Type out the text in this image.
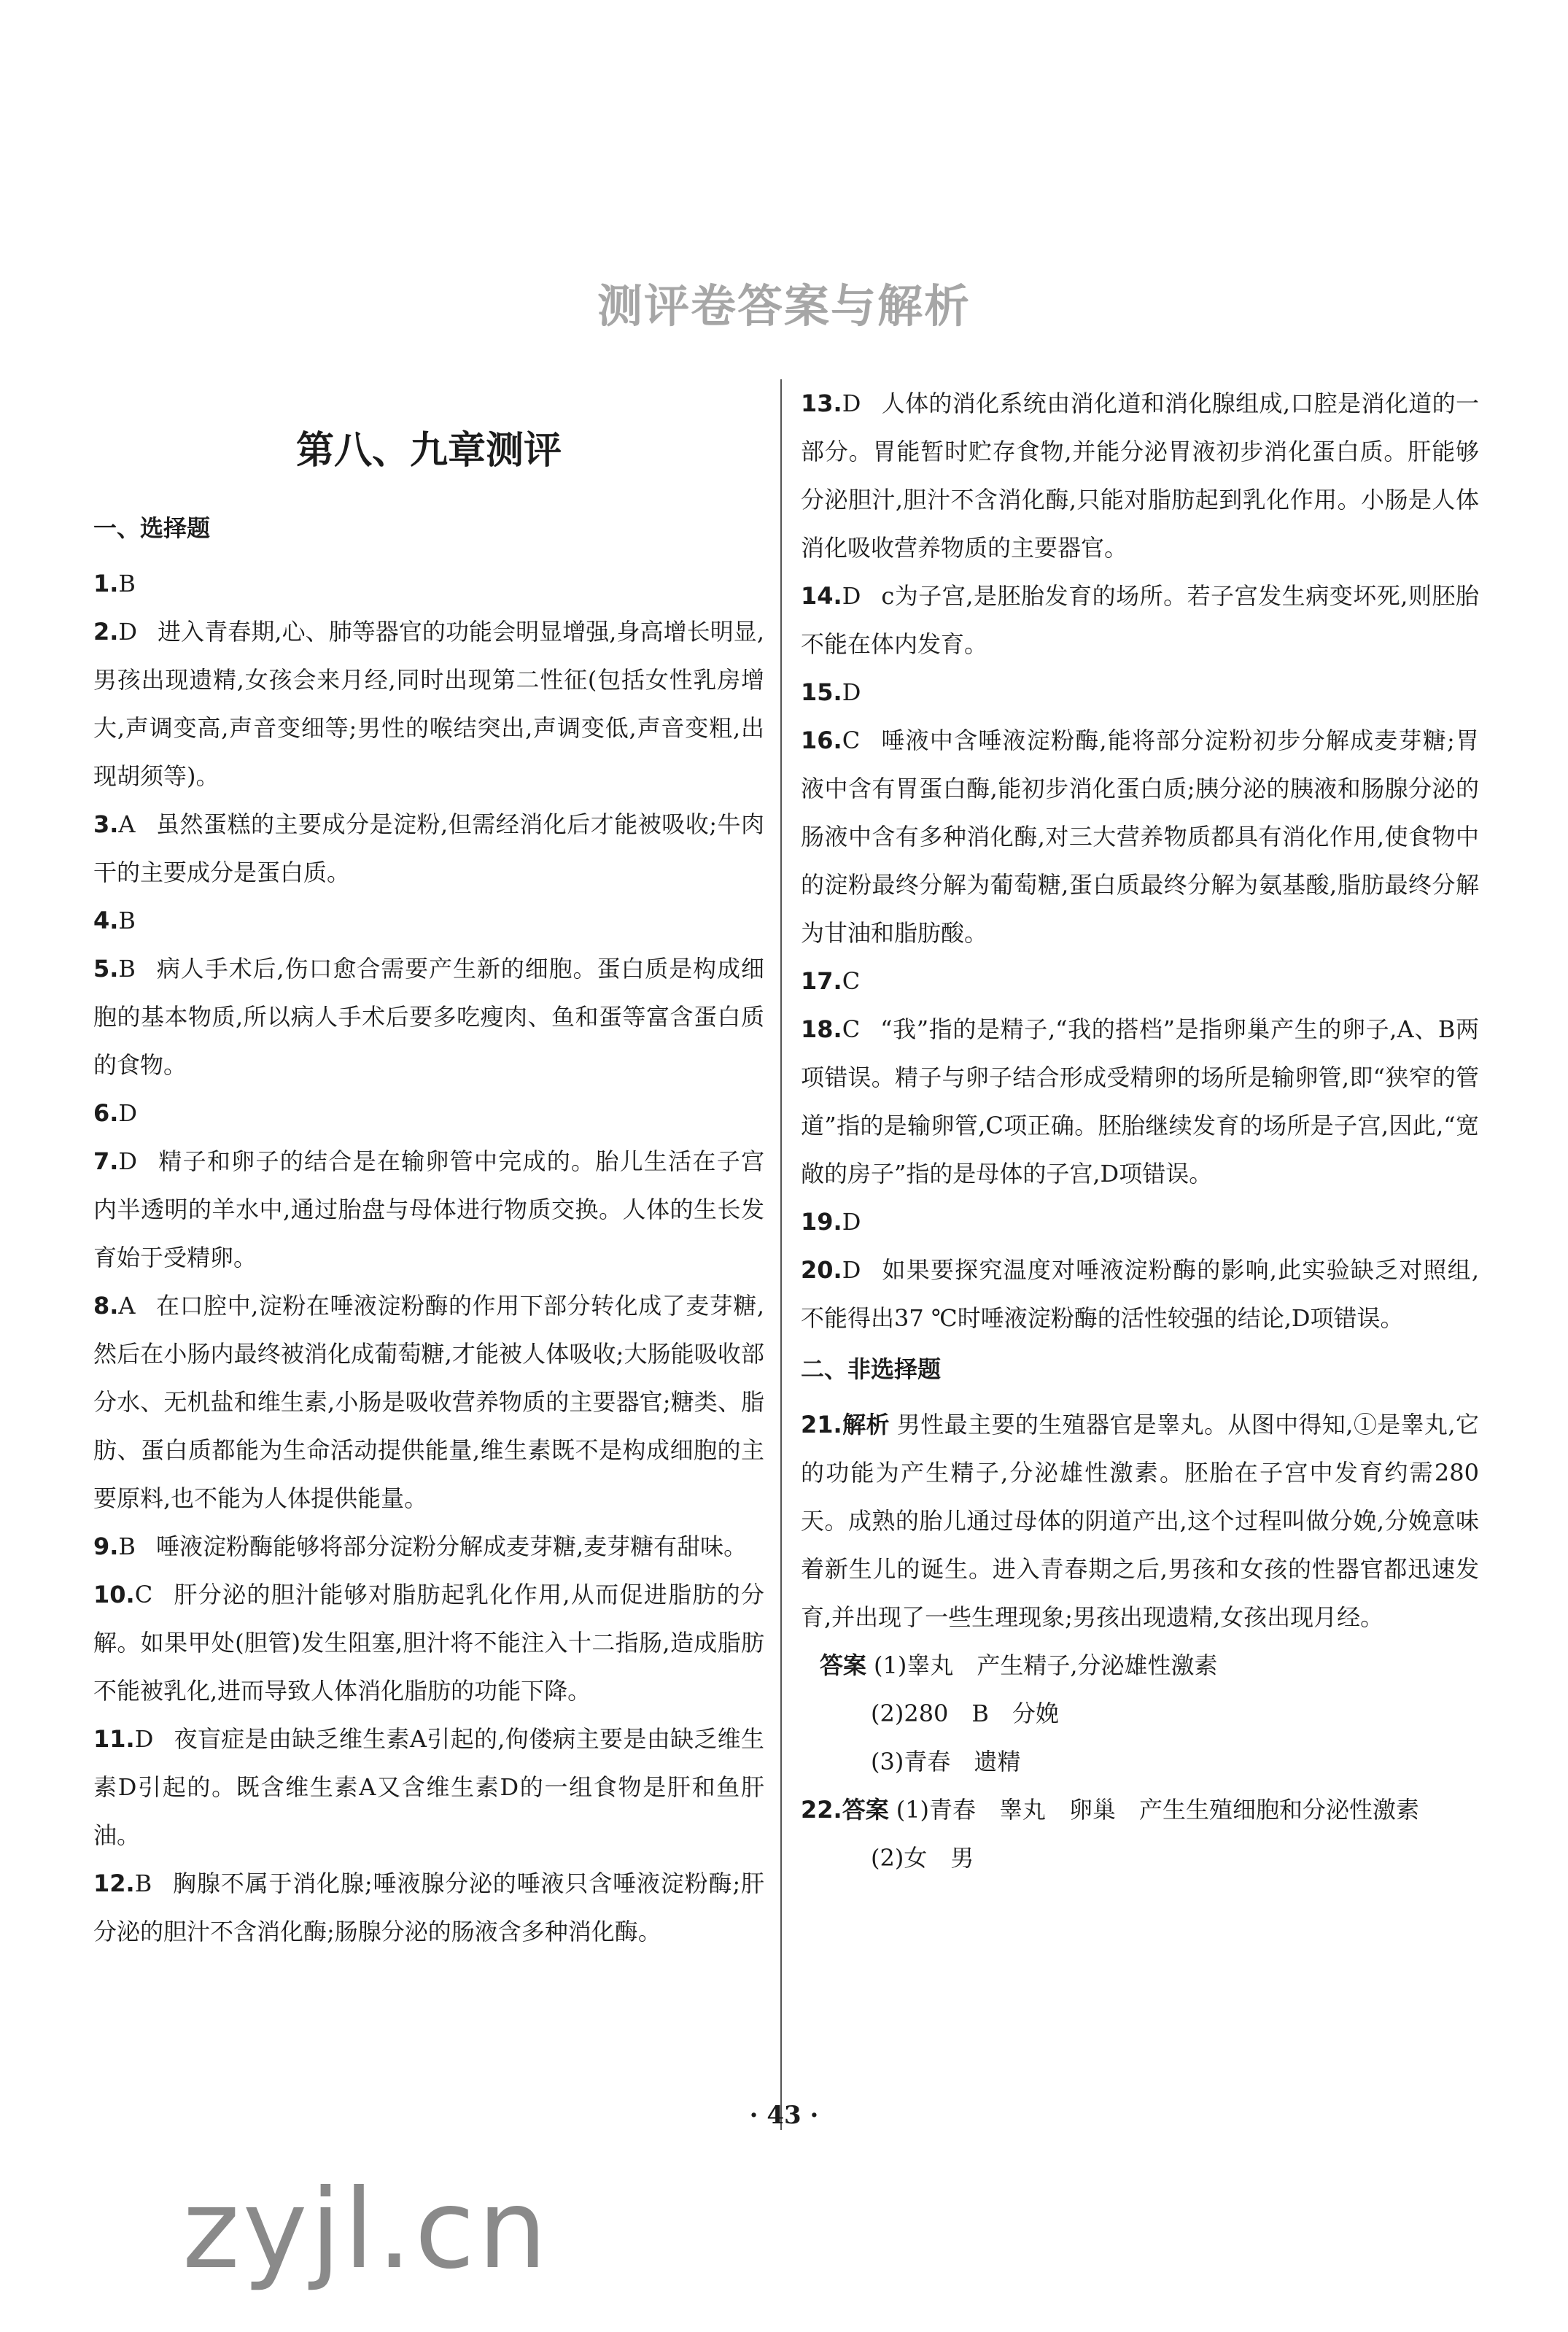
测评卷答案与解析
第八、九章测评
一、选择题
1.B
2.D 进入青春期,心、肺等器官的功能会明显增强,身高增长明显,男孩出现遗精,女孩会来月经,同时出现第二性征(包括女性乳房增大,声调变高,声音变细等;男性的喉结突出,声调变低,声音变粗,出现胡须等)。
3.A 虽然蛋糕的主要成分是淀粉,但需经消化后才能被吸收;牛肉干的主要成分是蛋白质。
4.B
5.B 病人手术后,伤口愈合需要产生新的细胞。蛋白质是构成细胞的基本物质,所以病人手术后要多吃瘦肉、鱼和蛋等富含蛋白质的食物。
6.D
7.D 精子和卵子的结合是在输卵管中完成的。胎儿生活在子宫内半透明的羊水中,通过胎盘与母体进行物质交换。人体的生长发育始于受精卵。
8.A 在口腔中,淀粉在唾液淀粉酶的作用下部分转化成了麦芽糖,然后在小肠内最终被消化成葡萄糖,才能被人体吸收;大肠能吸收部分水、无机盐和维生素,小肠是吸收营养物质的主要器官;糖类、脂肪、蛋白质都能为生命活动提供能量,维生素既不是构成细胞的主要原料,也不能为人体提供能量。
9.B 唾液淀粉酶能够将部分淀粉分解成麦芽糖,麦芽糖有甜味。
10.C 肝分泌的胆汁能够对脂肪起乳化作用,从而促进脂肪的分解。如果甲处(胆管)发生阻塞,胆汁将不能注入十二指肠,造成脂肪不能被乳化,进而导致人体消化脂肪的功能下降。
11.D 夜盲症是由缺乏维生素A引起的,佝偻病主要是由缺乏维生素D引起的。既含维生素A又含维生素D的一组食物是肝和鱼肝油。
12.B 胸腺不属于消化腺;唾液腺分泌的唾液只含唾液淀粉酶;肝分泌的胆汁不含消化酶;肠腺分泌的肠液含多种消化酶。
13.D 人体的消化系统由消化道和消化腺组成,口腔是消化道的一部分。胃能暂时贮存食物,并能分泌胃液初步消化蛋白质。肝能够分泌胆汁,胆汁不含消化酶,只能对脂肪起到乳化作用。小肠是人体消化吸收营养物质的主要器官。
14.D c为子宫,是胚胎发育的场所。若子宫发生病变坏死,则胚胎不能在体内发育。
15.D
16.C 唾液中含唾液淀粉酶,能将部分淀粉初步分解成麦芽糖;胃液中含有胃蛋白酶,能初步消化蛋白质;胰分泌的胰液和肠腺分泌的肠液中含有多种消化酶,对三大营养物质都具有消化作用,使食物中的淀粉最终分解为葡萄糖,蛋白质最终分解为氨基酸,脂肪最终分解为甘油和脂肪酸。
17.C
18.C “我”指的是精子,“我的搭档”是指卵巢产生的卵子,A、B两项错误。精子与卵子结合形成受精卵的场所是输卵管,即“狭窄的管道”指的是输卵管,C项正确。胚胎继续发育的场所是子宫,因此,“宽敞的房子”指的是母体的子宫,D项错误。
19.D
20.D 如果要探究温度对唾液淀粉酶的影响,此实验缺乏对照组,不能得出37 ℃时唾液淀粉酶的活性较强的结论,D项错误。
二、非选择题
21.解析 男性最主要的生殖器官是睾丸。从图中得知,①是睾丸,它的功能为产生精子,分泌雄性激素。胚胎在子宫中发育约需280天。成熟的胎儿通过母体的阴道产出,这个过程叫做分娩,分娩意味着新生儿的诞生。进入青春期之后,男孩和女孩的性器官都迅速发育,并出现了一些生理现象;男孩出现遗精,女孩出现月经。
答案 (1)睾丸　产生精子,分泌雄性激素
(2)280　B　分娩
(3)青春　遗精
22.答案 (1)青春　睾丸　卵巢　产生生殖细胞和分泌性激素
(2)女　男
· 43 ·
zyjl.cn
